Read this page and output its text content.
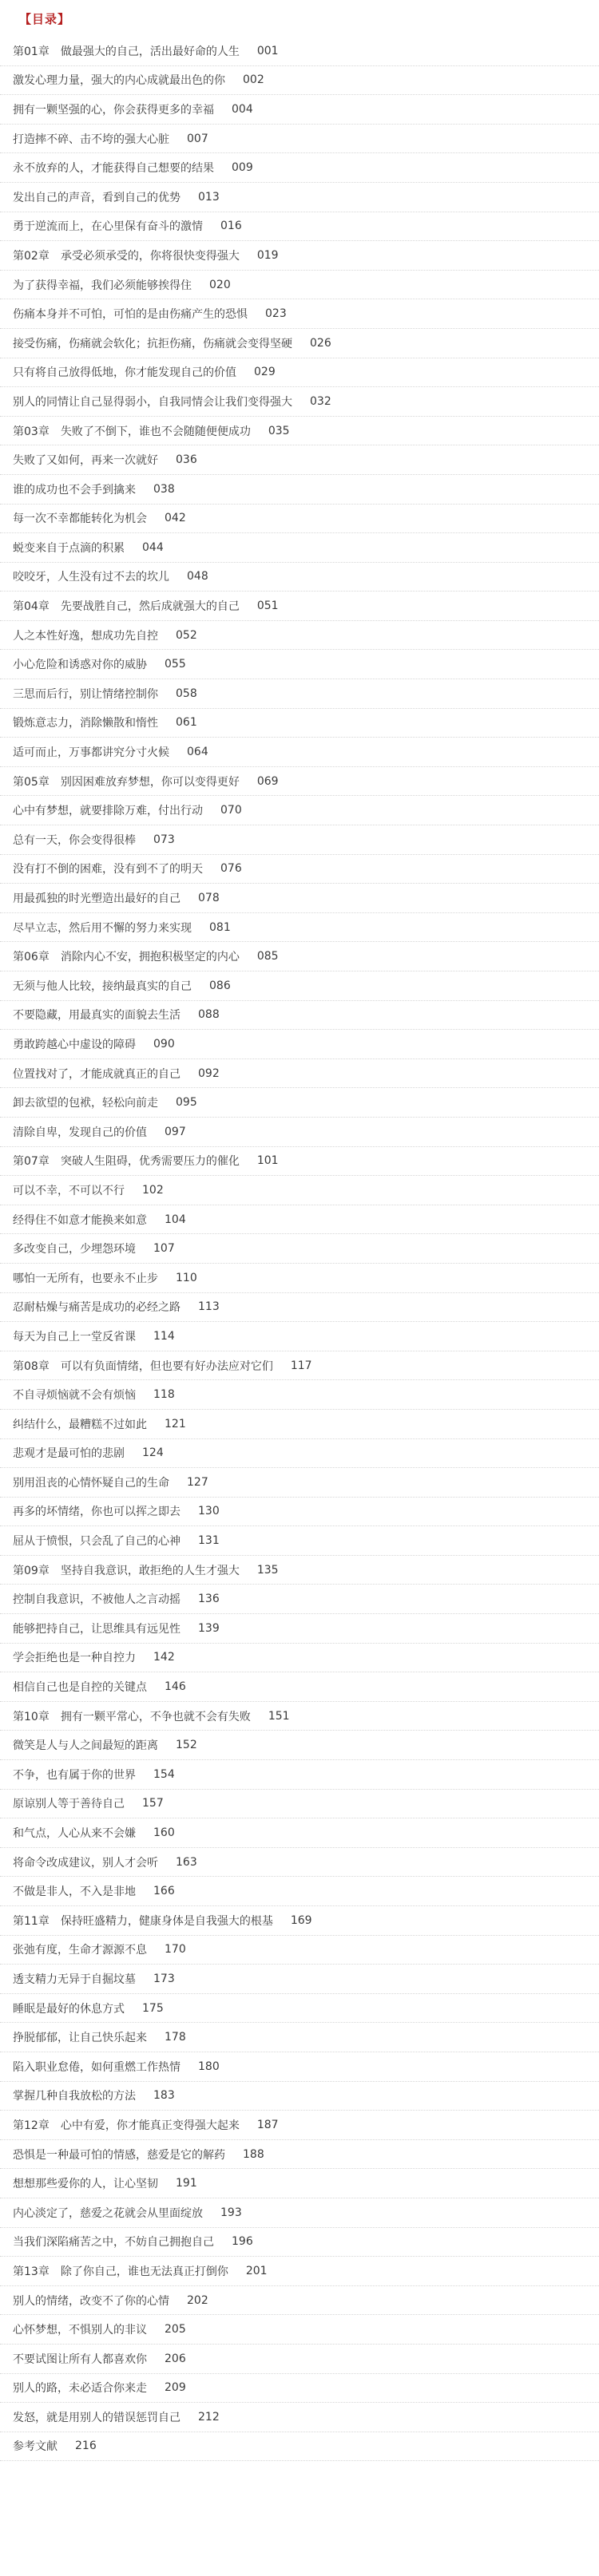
【目录】
第01章 做最强大的自己，活出最好命的人生 001
激发心理力量，强大的内心成就最出色的你 002
拥有一颗坚强的心，你会获得更多的幸福 004
打造摔不碎、击不垮的强大心脏 007
永不放弃的人，才能获得自己想要的结果 009
发出自己的声音，看到自己的优势 013
勇于逆流而上，在心里保有奋斗的激情 016
第02章 承受必须承受的，你将很快变得强大 019
为了获得幸福，我们必须能够挨得住 020
伤痛本身并不可怕，可怕的是由伤痛产生的恐惧 023
接受伤痛，伤痛就会软化；抗拒伤痛，伤痛就会变得坚硬 026
只有将自己放得低地，你才能发现自己的价值 029
别人的同情让自己显得弱小，自我同情会让我们变得强大 032
第03章 失败了不倒下，谁也不会随随便便成功 035
失败了又如何，再来一次就好 036
谁的成功也不会手到擒来 038
每一次不幸都能转化为机会 042
蜕变来自于点滴的积累 044
咬咬牙，人生没有过不去的坎儿 048
第04章 先要战胜自己，然后成就强大的自己 051
人之本性好逸，想成功先自控 052
小心危险和诱惑对你的威胁 055
三思而后行，别让情绪控制你 058
锻炼意志力，消除懒散和惰性 061
适可而止，万事都讲究分寸火候 064
第05章 别因困难放弃梦想，你可以变得更好 069
心中有梦想，就要排除万难，付出行动 070
总有一天，你会变得很棒 073
没有打不倒的困难，没有到不了的明天 076
用最孤独的时光塑造出最好的自己 078
尽早立志，然后用不懈的努力来实现 081
第06章 消除内心不安，拥抱积极坚定的内心 085
无须与他人比较，接纳最真实的自己 086
不要隐藏，用最真实的面貌去生活 088
勇敢跨越心中虚设的障碍 090
位置找对了，才能成就真正的自己 092
卸去欲望的包袱，轻松向前走 095
清除自卑，发现自己的价值 097
第07章 突破人生阻碍，优秀需要压力的催化 101
可以不幸，不可以不行 102
经得住不如意才能换来如意 104
多改变自己，少埋怨环境 107
哪怕一无所有，也要永不止步 110
忍耐枯燥与痛苦是成功的必经之路 113
每天为自己上一堂反省课 114
第08章 可以有负面情绪，但也要有好办法应对它们 117
不自寻烦恼就不会有烦恼 118
纠结什么，最糟糕不过如此 121
悲观才是最可怕的悲剧 124
别用沮丧的心情怀疑自己的生命 127
再多的坏情绪，你也可以挥之即去 130
屈从于愤恨，只会乱了自己的心神 131
第09章 坚持自我意识，敢拒绝的人生才强大 135
控制自我意识，不被他人之言动摇 136
能够把持自己，让思维具有远见性 139
学会拒绝也是一种自控力 142
相信自己也是自控的关键点 146
第10章 拥有一颗平常心，不争也就不会有失败 151
微笑是人与人之间最短的距离 152
不争，也有属于你的世界 154
原谅别人等于善待自己 157
和气点，人心从来不会嫌 160
将命令改成建议，别人才会听 163
不做是非人，不入是非地 166
第11章 保持旺盛精力，健康身体是自我强大的根基 169
张弛有度，生命才源源不息 170
透支精力无异于自掘坟墓 173
睡眠是最好的休息方式 175
挣脱郁郁，让自己快乐起来 178
陷入职业怠倦，如何重燃工作热情 180
掌握几种自我放松的方法 183
第12章 心中有爱，你才能真正变得强大起来 187
恐惧是一种最可怕的情感，慈爱是它的解药 188
想想那些爱你的人，让心坚韧 191
内心淡定了，慈爱之花就会从里面绽放 193
当我们深陷痛苦之中，不妨自己拥抱自己 196
第13章 除了你自己，谁也无法真正打倒你 201
别人的情绪，改变不了你的心情 202
心怀梦想，不惧别人的非议 205
不要试图让所有人都喜欢你 206
别人的路，未必适合你来走 209
发怒，就是用别人的错误惩罚自己 212
参考文献 216
